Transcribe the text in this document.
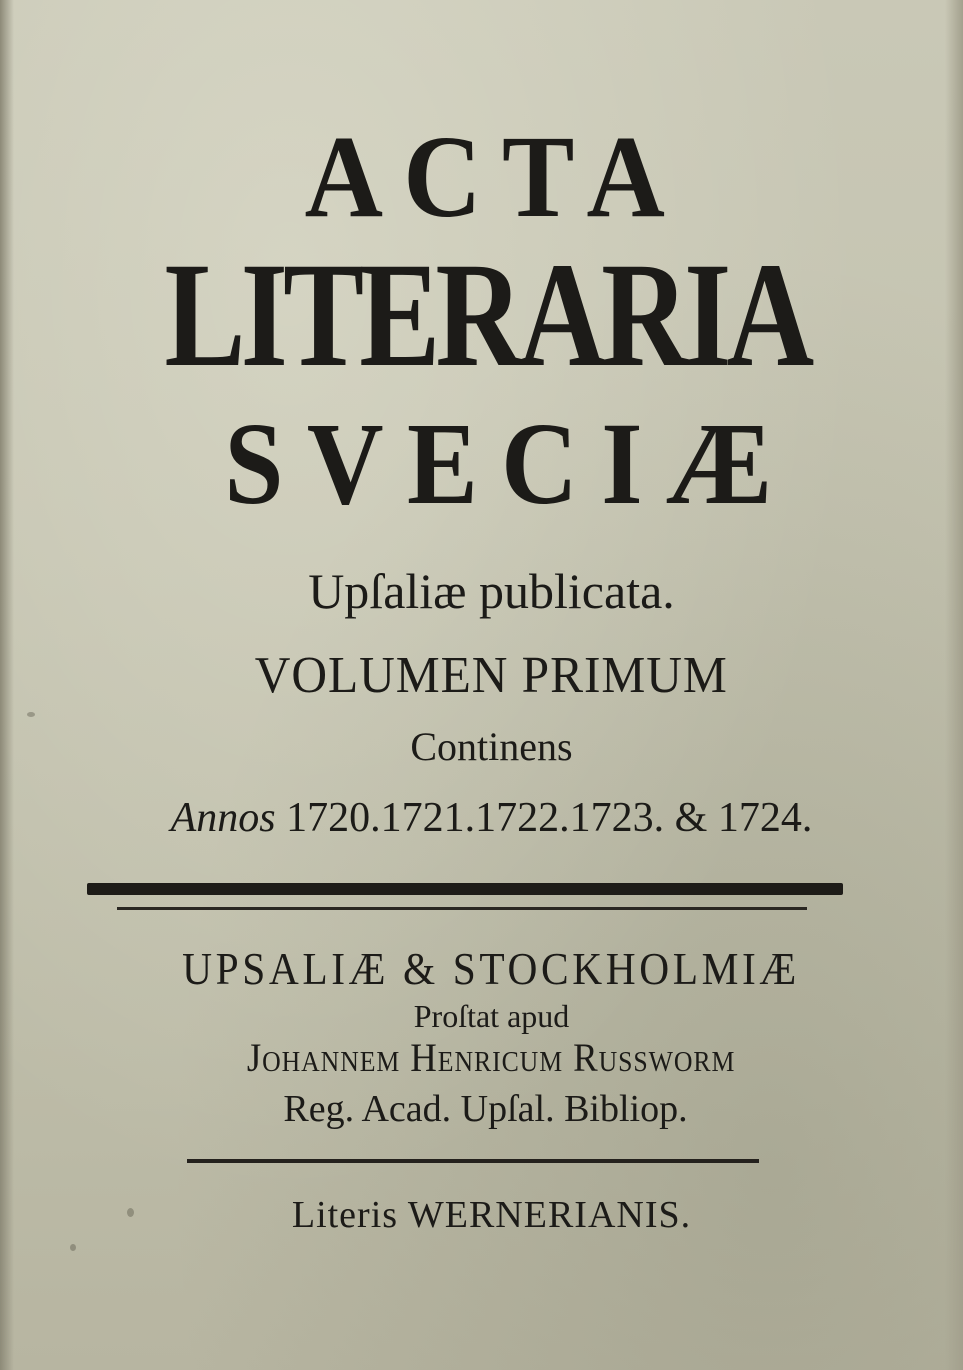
ACTA
LITERARIA
SVECIÆ

Upſaliæ publicata.

VOLUMEN PRIMUM

Continens

Annos 1720.1721.1722.1723. & 1724.

UPSALIÆ & STOCKHOLMIÆ

Proſtat apud

Johannem Henricum Russworm

Reg. Acad. Upſal. Bibliop.

Literis WERNERIANIS.
